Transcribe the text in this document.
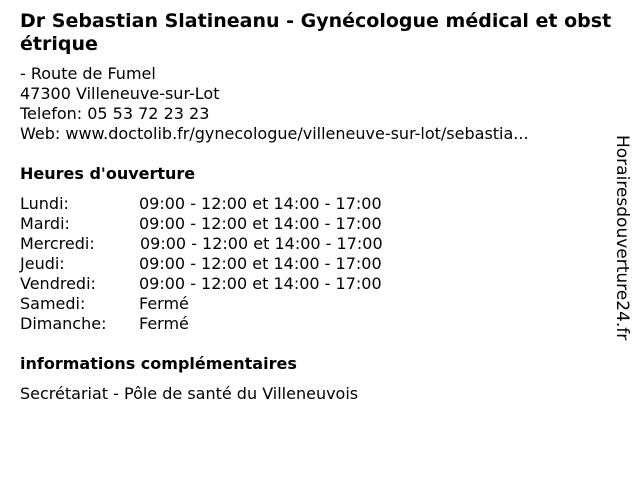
Dr Sebastian Slatineanu - Gynécologue médical et obstétrique
- Route de Fumel
47300 Villeneuve-sur-Lot
Telefon: 05 53 72 23 23
Web: www.doctolib.fr/gynecologue/villeneuve-sur-lot/sebastia...
Heures d'ouverture
Lundi:	09:00 - 12:00 et 14:00 - 17:00
Mardi:	09:00 - 12:00 et 14:00 - 17:00
Mercredi:	09:00 - 12:00 et 14:00 - 17:00
Jeudi:	09:00 - 12:00 et 14:00 - 17:00
Vendredi:	09:00 - 12:00 et 14:00 - 17:00
Samedi:	Fermé
Dimanche: Fermé
informations complémentaires
Secrétariat - Pôle de santé du Villeneuvois
Horairesdouverture24.fr
